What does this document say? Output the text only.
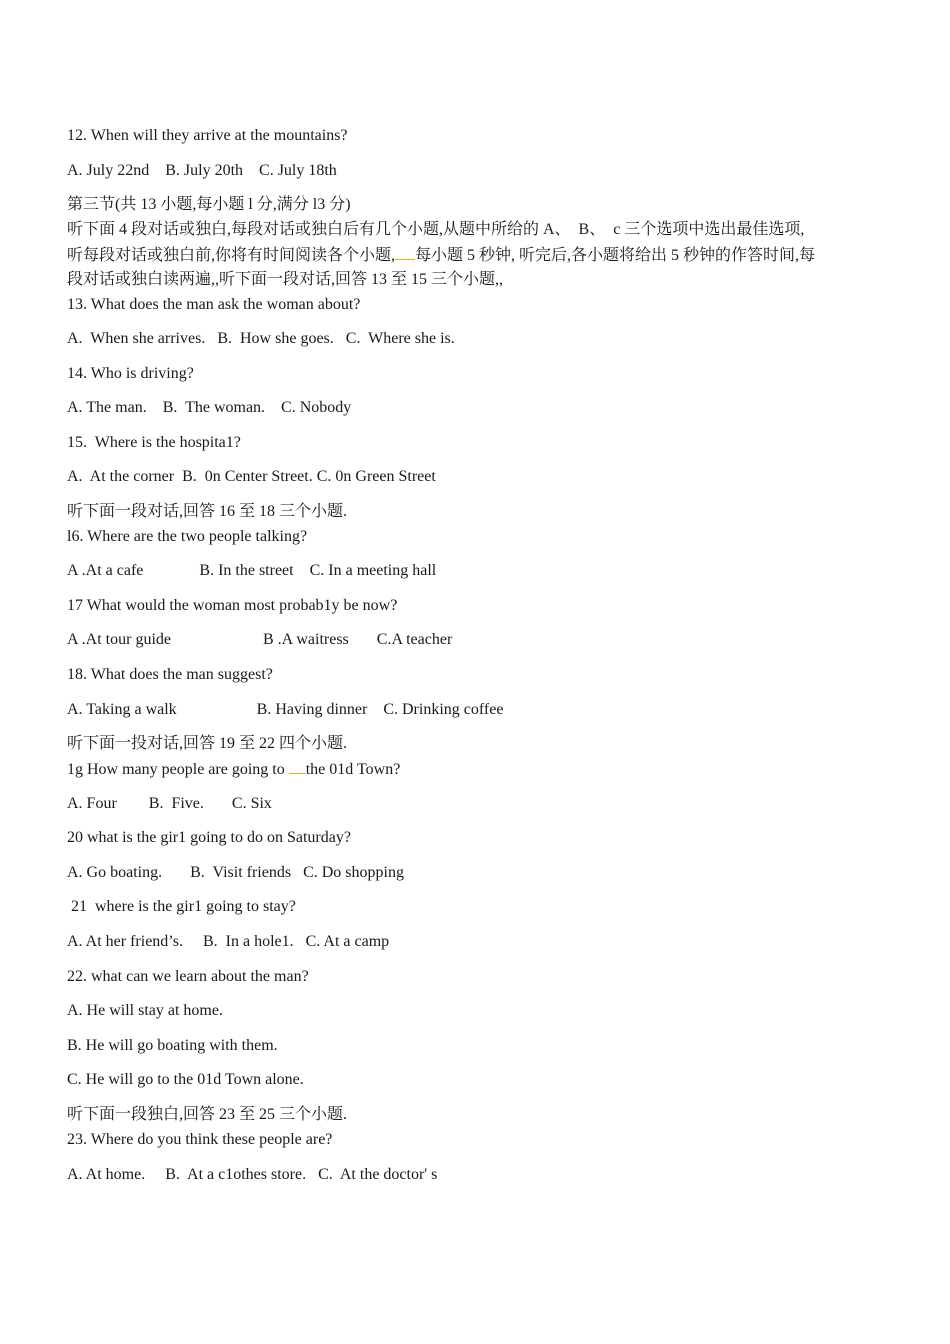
12. When will they arrive at the mountains?
A. July 22nd    B. July 20th    C. July 18th
第三节(共 13 小题,每小题 l 分,满分 l3 分)
听下面 4 段对话或独白,每段对话或独白后有几个小题,从题中所给的 A、  B、  c 三个选项中选出最佳选项,
听每段对话或独白前,你将有时间阅读各个小题, 每小题 5 秒钟, 听完后,各小题将给出 5 秒钟的作答时间,每
段对话或独白读两遍,,听下面一段对话,回答 13 至 15 三个小题,,
13. What does the man ask the woman about?
A.  When she arrives.   B.  How she goes.   C.  Where she is.
14. Who is driving?
A. The man.    B.  The woman.    C. Nobody
15.  Where is the hospita1?
A.  At the corner  B.  0n Center Street. C. 0n Green Street
听下面一段对话,回答 16 至 18 三个小题.
l6. Where are the two people talking?
A .At a cafe              B. In the street    C. In a meeting hall
17 What would the woman most probab1y be now?
A .At tour guide                       B .A waitress       C.A teacher
18. What does the man suggest?
A. Taking a walk                    B. Having dinner    C. Drinking coffee
听下面一投对话,回答 19 至 22 四个小题.
1g How many people are going to the 01d Town?
A. Four        B.  Five.       C. Six
20 what is the gir1 going to do on Saturday?
A. Go boating.       B.  Visit friends   C. Do shopping
21  where is the gir1 going to stay?
A. At her friend’s.     B.  In a hole1.   C. At a camp
22. what can we learn about the man?
A. He will stay at home.
B. He will go boating with them.
C. He will go to the 01d Town alone.
听下面一段独白,回答 23 至 25 三个小题.
23. Where do you think these people are?
A. At home.     B.  At a c1othes store.   C.  At the doctor' s
